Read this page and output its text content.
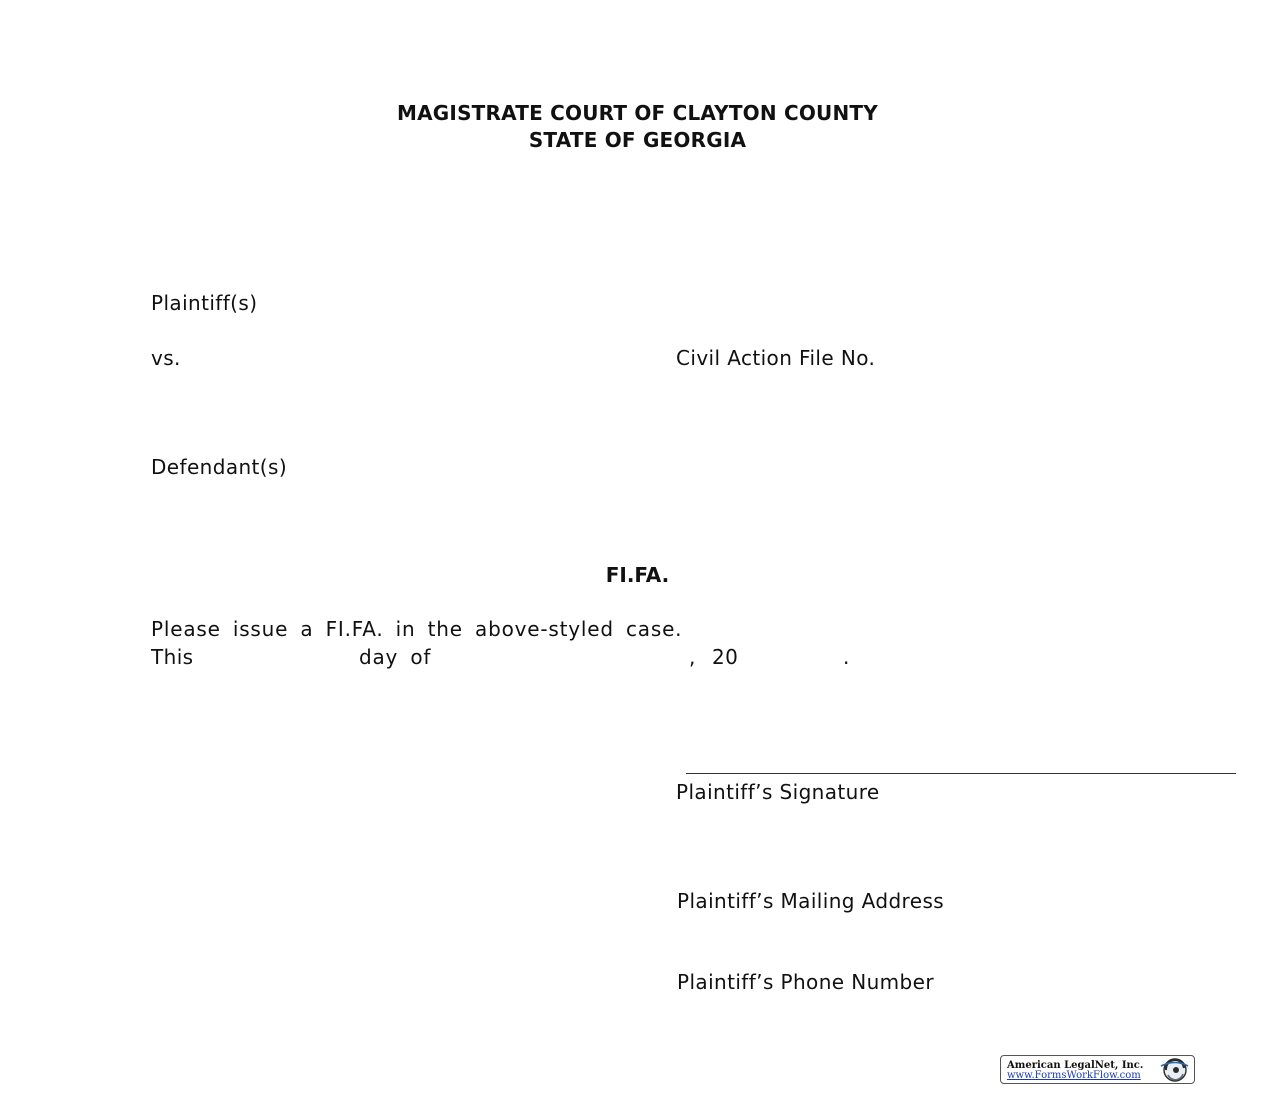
MAGISTRATE COURT OF CLAYTON COUNTY
STATE OF GEORGIA
Plaintiff(s)
vs.	Civil Action File No.
Defendant(s)
FI.FA.
Please issue a FI.FA. in the above-styled case.
This	day of	, 20	.
Plaintiff’s Signature
Plaintiff’s Mailing Address
Plaintiff’s Phone Number
American LegalNet, Inc.
www.FormsWorkFlow.com
